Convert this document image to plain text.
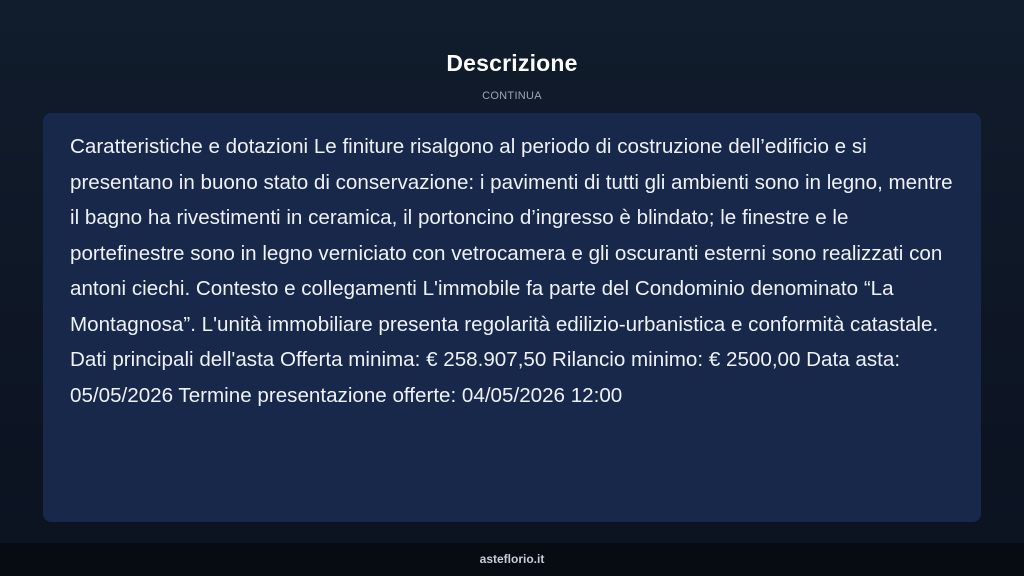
Descrizione
CONTINUA

Caratteristiche e dotazioni Le finiture risalgono al periodo di costruzione dell’edificio e si presentano in buono stato di conservazione: i pavimenti di tutti gli ambienti sono in legno, mentre il bagno ha rivestimenti in ceramica, il portoncino d’ingresso è blindato; le finestre e le portefinestre sono in legno verniciato con vetrocamera e gli oscuranti esterni sono realizzati con antoni ciechi. Contesto e collegamenti L'immobile fa parte del Condominio denominato “La Montagnosa”. L'unità immobiliare presenta regolarità edilizio-urbanistica e conformità catastale. Dati principali dell'asta Offerta minima: € 258.907,50 Rilancio minimo: € 2500,00 Data asta: 05/05/2026 Termine presentazione offerte: 04/05/2026 12:00

asteflorio.it
